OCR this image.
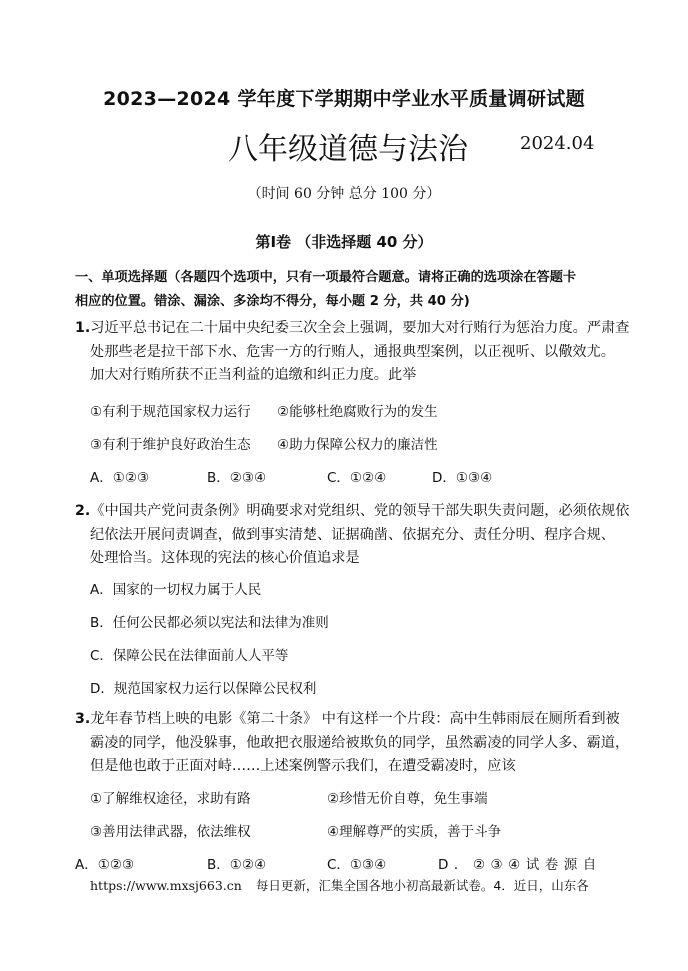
2023—2024 学年度下学期期中学业水平质量调研试题
八年级道德与法治	2024.04
（时间 60 分钟 总分 100 分）
第Ⅰ卷 （非选择题 40 分）
一、单项选择题（各题四个选项中，只有一项最符合题意。请将正确的选项涂在答题卡
相应的位置。错涂、漏涂、多涂均不得分，每小题 2 分，共 40 分)
1.习近平总书记在二十届中央纪委三次全会上强调，要加大对行贿行为惩治力度。严肃查
处那些老是拉干部下水、危害一方的行贿人，通报典型案例，以正视听、以儆效尤。
加大对行贿所获不正当利益的追缴和纠正力度。此举
①有利于规范国家权力运行 ②能够杜绝腐败行为的发生
③有利于维护良好政治生态 ④助力保障公权力的廉洁性
A．①②③	B．②③④	C．①②④	D．①③④
2.《中国共产党问责条例》明确要求对党组织、党的领导干部失职失责问题，必须依规依
纪依法开展问责调查，做到事实清楚、证据确凿、依据充分、责任分明、程序合规、
处理恰当。这体现的宪法的核心价值追求是
A．国家的一切权力属于人民
B．任何公民都必须以宪法和法律为准则
C．保障公民在法律面前人人平等
D．规范国家权力运行以保障公民权利
3.龙年春节档上映的电影《第二十条》 中有这样一个片段：高中生韩雨辰在厕所看到被
霸凌的同学，他没躲事，他敢把衣服递给被欺负的同学，虽然霸凌的同学人多、霸道，
但是他也敢于正面对峙……上述案例警示我们，在遭受霸凌时，应该
①了解维权途径，求助有路	②珍惜无价自尊，免生事端
③善用法律武器，依法维权	④理解尊严的实质，善于斗争
A．①②③	B．①②④	C．①③④	D．②③④试卷源自
https://www.mxsj663.cn 每日更新，汇集全国各地小初高最新试卷。4．近日，山东各
